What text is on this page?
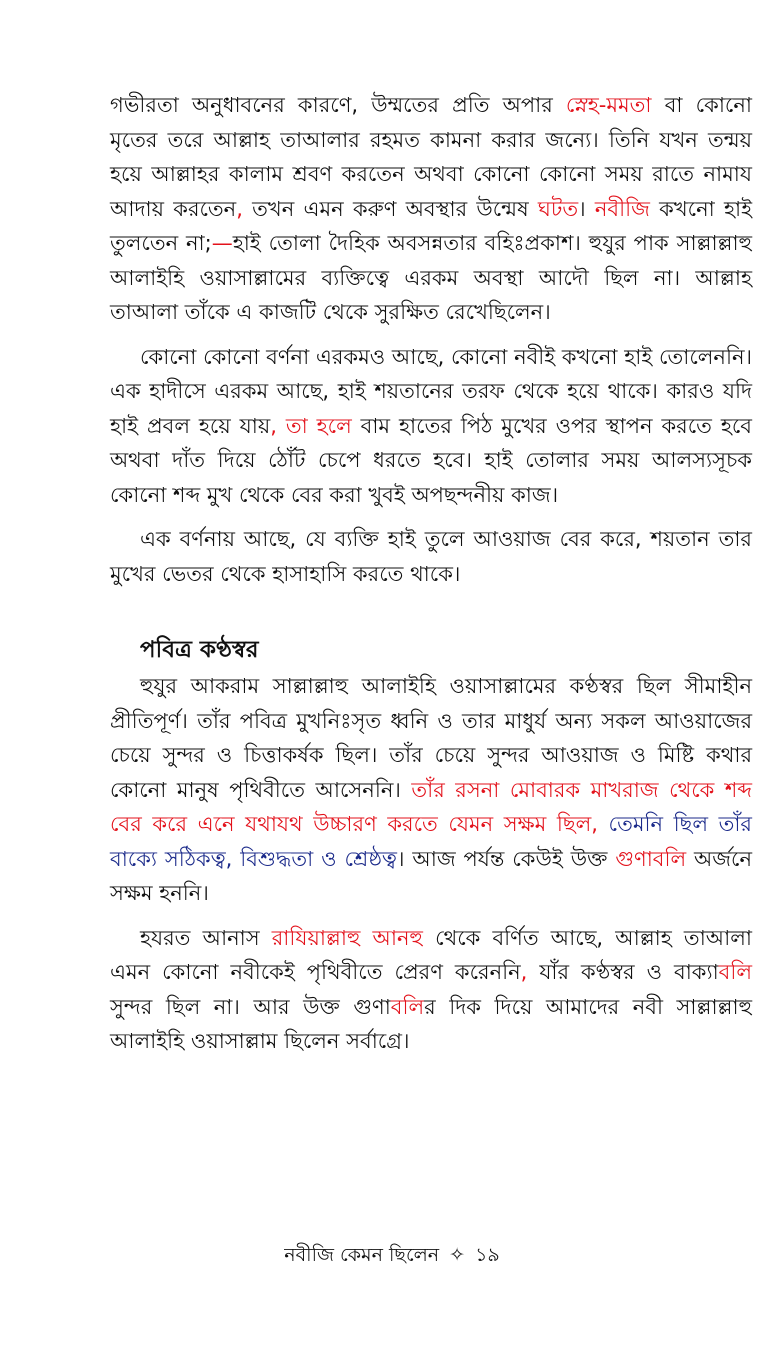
গভীরতা অনুধাবনের কারণে, উম্মতের প্রতি অপার স্নেহ-মমতা বা কোনো মৃতের তরে আল্লাহ তাআলার রহমত কামনা করার জন্যে। তিনি যখন তন্ময় হয়ে আল্লাহর কালাম শ্রবণ করতেন অথবা কোনো কোনো সময় রাতে নামায আদায় করতেন, তখন এমন করুণ অবস্থার উন্মেষ ঘটত। নবীজি কখনো হাই তুলতেন না;—হাই তোলা দৈহিক অবসন্নতার বহিঃপ্রকাশ। হুযুর পাক সাল্লাল্লাহু আলাইহি ওয়াসাল্লামের ব্যক্তিত্বে এরকম অবস্থা আদৌ ছিল না। আল্লাহ তাআলা তাঁকে এ কাজটি থেকে সুরক্ষিত রেখেছিলেন।

কোনো কোনো বর্ণনা এরকমও আছে, কোনো নবীই কখনো হাই তোলেননি। এক হাদীসে এরকম আছে, হাই শয়তানের তরফ থেকে হয়ে থাকে। কারও যদি হাই প্রবল হয়ে যায়, তা হলে বাম হাতের পিঠ মুখের ওপর স্থাপন করতে হবে অথবা দাঁত দিয়ে ঠোঁট চেপে ধরতে হবে। হাই তোলার সময় আলস্যসূচক কোনো শব্দ মুখ থেকে বের করা খুবই অপছন্দনীয় কাজ।

এক বর্ণনায় আছে, যে ব্যক্তি হাই তুলে আওয়াজ বের করে, শয়তান তার মুখের ভেতর থেকে হাসাহাসি করতে থাকে।

পবিত্র কণ্ঠস্বর

হুযুর আকরাম সাল্লাল্লাহু আলাইহি ওয়াসাল্লামের কণ্ঠস্বর ছিল সীমাহীন প্রীতিপূর্ণ। তাঁর পবিত্র মুখনিঃসৃত ধ্বনি ও তার মাধুর্য অন্য সকল আওয়াজের চেয়ে সুন্দর ও চিত্তাকর্ষক ছিল। তাঁর চেয়ে সুন্দর আওয়াজ ও মিষ্টি কথার কোনো মানুষ পৃথিবীতে আসেননি। তাঁর রসনা মোবারক মাখরাজ থেকে শব্দ বের করে এনে যথাযথ উচ্চারণ করতে যেমন সক্ষম ছিল, তেমনি ছিল তাঁর বাক্যে সঠিকত্ব, বিশুদ্ধতা ও শ্রেষ্ঠত্ব। আজ পর্যন্ত কেউই উক্ত গুণাবলি অর্জনে সক্ষম হননি।

হযরত আনাস রাযিয়াল্লাহু আনহু থেকে বর্ণিত আছে, আল্লাহ তাআলা এমন কোনো নবীকেই পৃথিবীতে প্রেরণ করেননি, যাঁর কণ্ঠস্বর ও বাক্যাবলি সুন্দর ছিল না। আর উক্ত গুণাবলির দিক দিয়ে আমাদের নবী সাল্লাল্লাহু আলাইহি ওয়াসাল্লাম ছিলেন সর্বাগ্রে।

নবীজি কেমন ছিলেন ✧ ১৯
